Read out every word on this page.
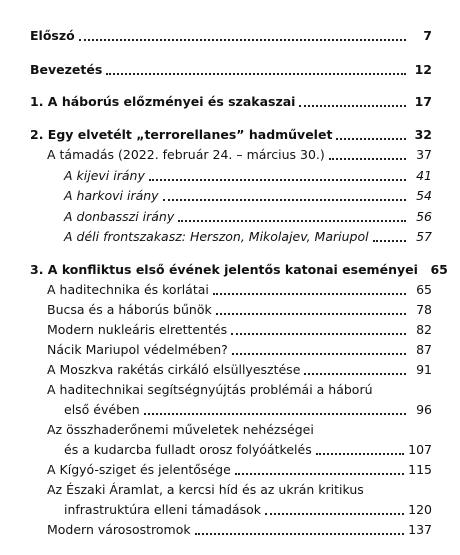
Előszó	7
Bevezetés	12
1. A háborús előzményei és szakaszai	17
2. Egy elvetélt „terrorellanes” hadművelet	32
A támadás (2022. február 24. – március 30.)	37
A kijevi irány	41
A harkovi irány	54
A donbasszi irány	56
A déli frontszakasz: Herszon, Mikolajev, Mariupol	57
3. A konfliktus első évének jelentős katonai eseményei	65
A haditechnika és korlátai	65
Bucsa és a háborús bűnök	78
Modern nukleáris elrettentés	82
Nácik Mariupol védelmében?	87
A Moszkva rakétás cirkáló elsüllyesztése	91
A haditechnikai segítségnyújtás problémái a háború
első évében	96
Az összhaderőnemi műveletek nehézségei
és a kudarcba fulladt orosz folyóátkelés	107
A Kígyó-sziget és jelentősége	115
Az Északi Áramlat, a kercsi híd és az ukrán kritikus
infrastruktúra elleni támadások	120
Modern városostromok	137
